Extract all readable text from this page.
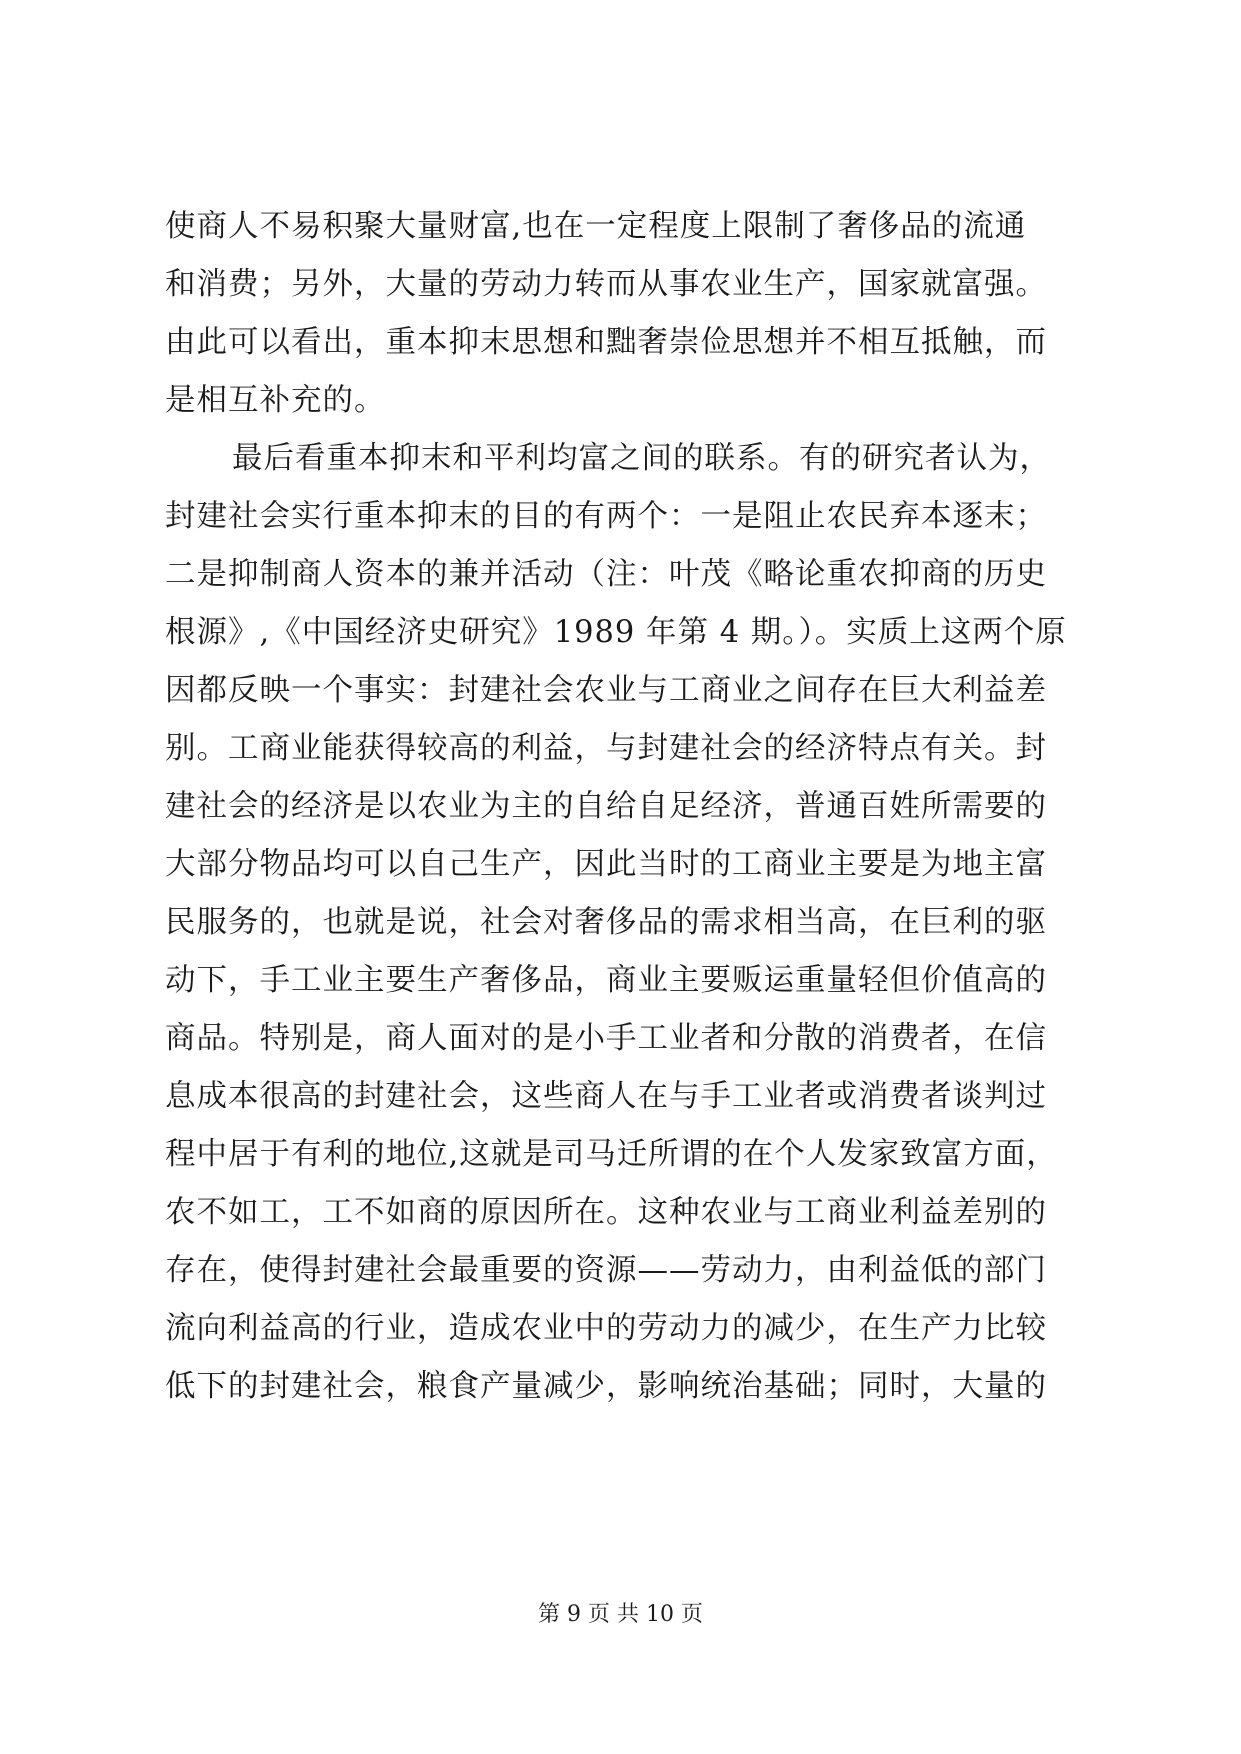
使商人不易积聚大量财富,也在一定程度上限制了奢侈品的流通
和消费；另外，大量的劳动力转而从事农业生产，国家就富强。
由此可以看出，重本抑末思想和黜奢崇俭思想并不相互抵触，而
是相互补充的。
最后看重本抑末和平利均富之间的联系。有的研究者认为，
封建社会实行重本抑末的目的有两个：一是阻止农民弃本逐末；
二是抑制商人资本的兼并活动（注：叶茂《略论重农抑商的历史
根源》,《中国经济史研究》1989 年第 4 期。）。实质上这两个原
因都反映一个事实：封建社会农业与工商业之间存在巨大利益差
别。工商业能获得较高的利益，与封建社会的经济特点有关。封
建社会的经济是以农业为主的自给自足经济，普通百姓所需要的
大部分物品均可以自己生产，因此当时的工商业主要是为地主富
民服务的，也就是说，社会对奢侈品的需求相当高，在巨利的驱
动下，手工业主要生产奢侈品，商业主要贩运重量轻但价值高的
商品。特别是，商人面对的是小手工业者和分散的消费者，在信
息成本很高的封建社会，这些商人在与手工业者或消费者谈判过
程中居于有利的地位,这就是司马迁所谓的在个人发家致富方面，
农不如工，工不如商的原因所在。这种农业与工商业利益差别的
存在，使得封建社会最重要的资源——劳动力，由利益低的部门
流向利益高的行业，造成农业中的劳动力的减少，在生产力比较
低下的封建社会，粮食产量减少，影响统治基础；同时，大量的
第 9 页 共 10 页
